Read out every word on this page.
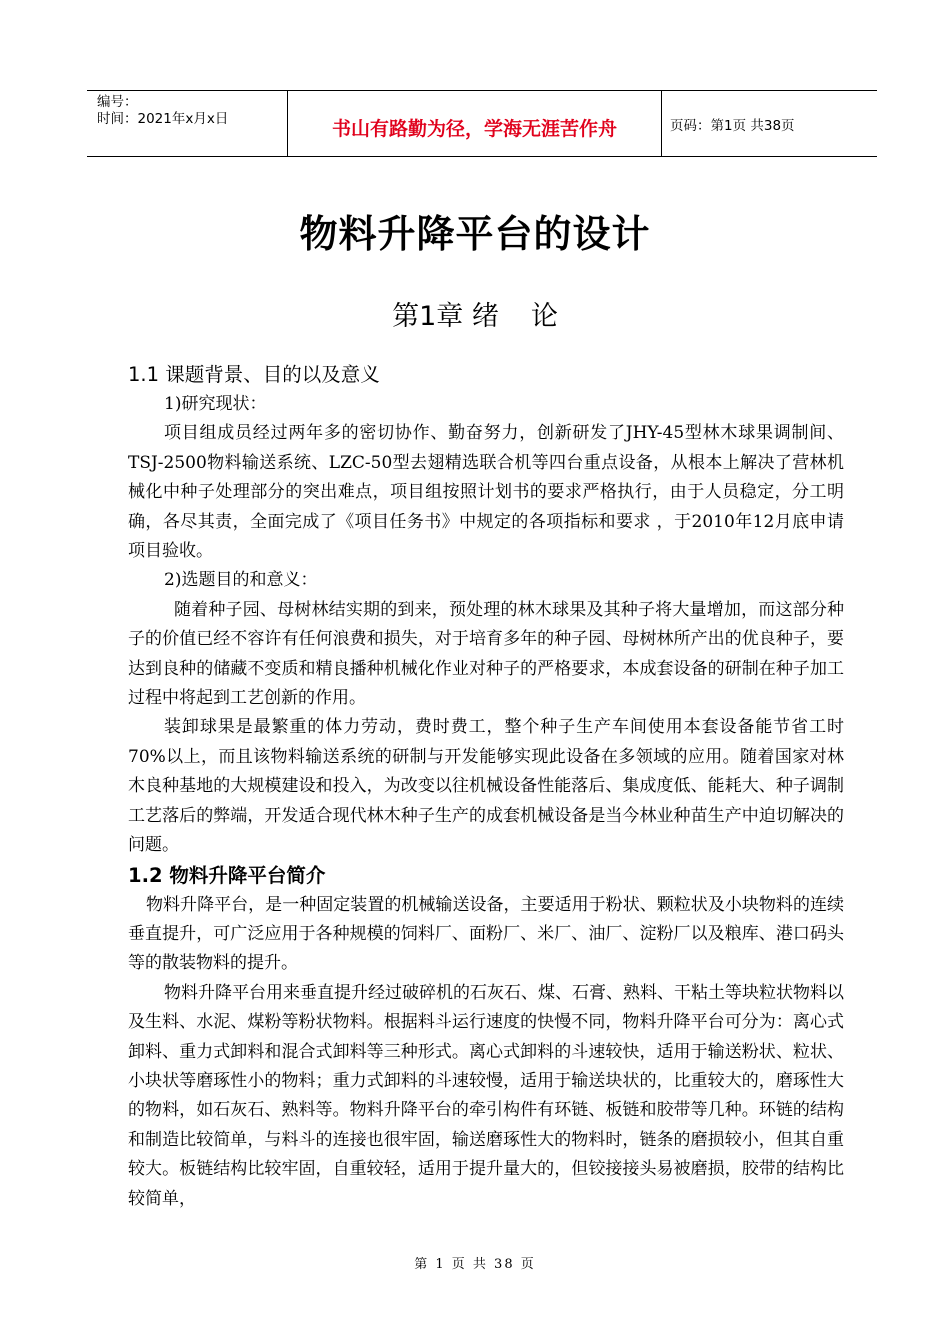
编号：
时间：2021年x月x日	书山有路勤为径，学海无涯苦作舟	页码：第1页 共38页
物料升降平台的设计
第1章 绪 论
1.1 课题背景、目的以及意义

1)研究现状：

项目组成员经过两年多的密切协作、勤奋努力，创新研发了JHY-45型林木球果调制间、TSJ-2500物料输送系统、LZC-50型去翅精选联合机等四台重点设备，从根本上解决了营林机械化中种子处理部分的突出难点，项目组按照计划书的要求严格执行，由于人员稳定，分工明确，各尽其责，全面完成了《项目任务书》中规定的各项指标和要求 ，于2010年12月底申请项目验收。

2)选题目的和意义：

随着种子园、母树林结实期的到来，预处理的林木球果及其种子将大量增加，而这部分种子的价值已经不容许有任何浪费和损失，对于培育多年的种子园、母树林所产出的优良种子，要达到良种的储藏不变质和精良播种机械化作业对种子的严格要求，本成套设备的研制在种子加工过程中将起到工艺创新的作用。

装卸球果是最繁重的体力劳动，费时费工，整个种子生产车间使用本套设备能节省工时70%以上，而且该物料输送系统的研制与开发能够实现此设备在多领域的应用。随着国家对林木良种基地的大规模建设和投入，为改变以往机械设备性能落后、集成度低、能耗大、种子调制工艺落后的弊端，开发适合现代林木种子生产的成套机械设备是当今林业种苗生产中迫切解决的问题。

1.2 物料升降平台简介

物料升降平台，是一种固定装置的机械输送设备，主要适用于粉状、颗粒状及小块物料的连续垂直提升，可广泛应用于各种规模的饲料厂、面粉厂、米厂、油厂、淀粉厂以及粮库、港口码头等的散装物料的提升。

物料升降平台用来垂直提升经过破碎机的石灰石、煤、石膏、熟料、干粘土等块粒状物料以及生料、水泥、煤粉等粉状物料。根据料斗运行速度的快慢不同，物料升降平台可分为：离心式卸料、重力式卸料和混合式卸料等三种形式。离心式卸料的斗速较快，适用于输送粉状、粒状、小块状等磨琢性小的物料；重力式卸料的斗速较慢，适用于输送块状的，比重较大的，磨琢性大的物料，如石灰石、熟料等。物料升降平台的牵引构件有环链、板链和胶带等几种。环链的结构和制造比较简单，与料斗的连接也很牢固，输送磨琢性大的物料时，链条的磨损较小，但其自重较大。板链结构比较牢固，自重较轻，适用于提升量大的，但铰接接头易被磨损，胶带的结构比较简单，

第 1 页 共 38 页
